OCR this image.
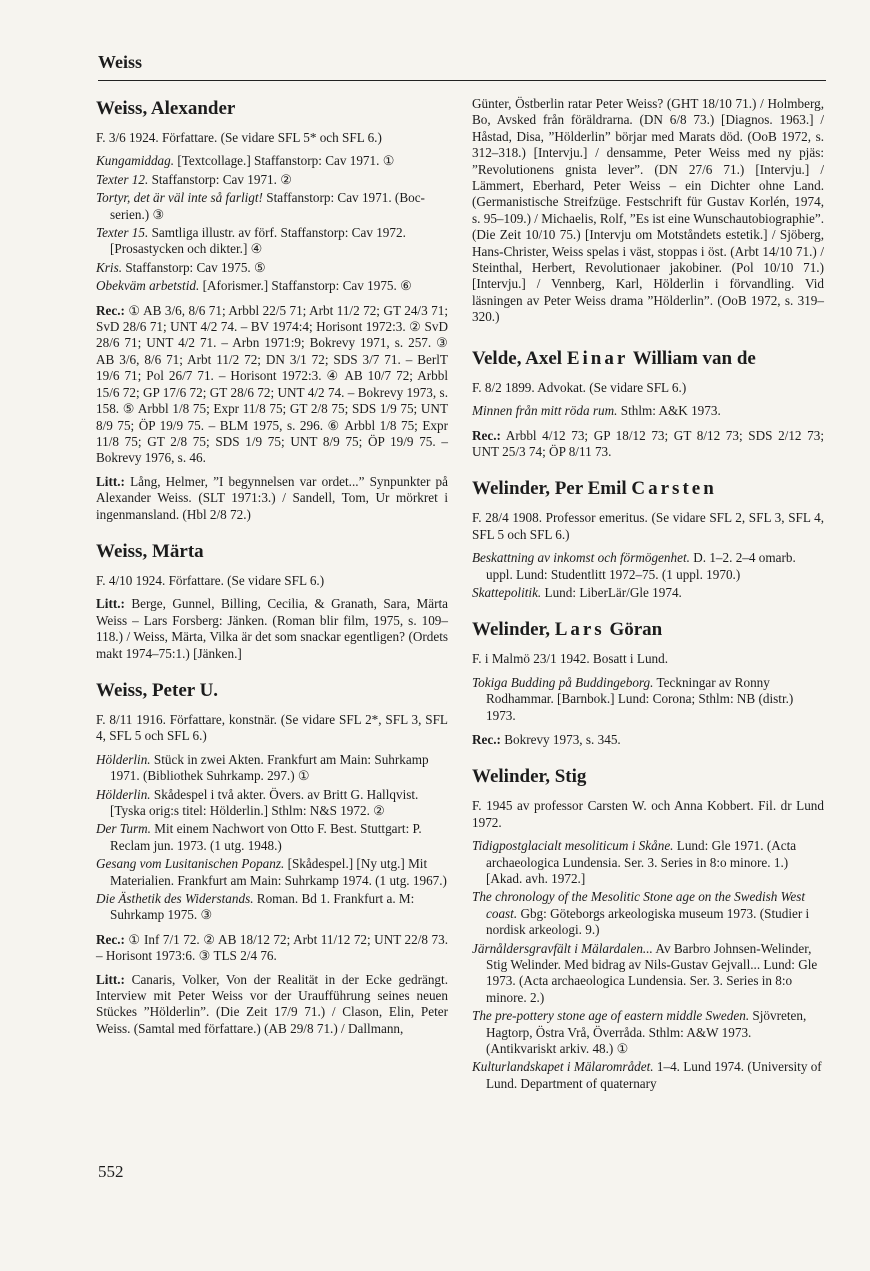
Weiss
Weiss, Alexander

F. 3/6 1924. Författare. (Se vidare SFL 5* och SFL 6.)

Kungamiddag. [Textcollage.] Staffanstorp: Cav 1971. ①
Texter 12. Staffanstorp: Cav 1971. ②
Tortyr, det är väl inte så farligt! Staffanstorp: Cav 1971. (Boc-serien.) ③
Texter 15. Samtliga illustr. av förf. Staffanstorp: Cav 1972. [Prosastycken och dikter.] ④
Kris. Staffanstorp: Cav 1975. ⑤
Obekväm arbetstid. [Aforismer.] Staffanstorp: Cav 1975. ⑥

Rec.: ① AB 3/6, 8/6 71; Arbbl 22/5 71; Arbt 11/2 72; GT 24/3 71; SvD 28/6 71; UNT 4/2 74. – BV 1974:4; Horisont 1972:3. ② SvD 28/6 71; UNT 4/2 71. – Arbn 1971:9; Bokrevy 1971, s. 257. ③ AB 3/6, 8/6 71; Arbt 11/2 72; DN 3/1 72; SDS 3/7 71. – BerlT 19/6 71; Pol 26/7 71. – Horisont 1972:3. ④ AB 10/7 72; Arbbl 15/6 72; GP 17/6 72; GT 28/6 72; UNT 4/2 74. – Bokrevy 1973, s. 158. ⑤ Arbbl 1/8 75; Expr 11/8 75; GT 2/8 75; SDS 1/9 75; UNT 8/9 75; ÖP 19/9 75. – BLM 1975, s. 296. ⑥ Arbbl 1/8 75; Expr 11/8 75; GT 2/8 75; SDS 1/9 75; UNT 8/9 75; ÖP 19/9 75. – Bokrevy 1976, s. 46.

Litt.: Lång, Helmer, ”I begynnelsen var ordet...” Synpunkter på Alexander Weiss. (SLT 1971:3.) / Sandell, Tom, Ur mörkret i ingenmansland. (Hbl 2/8 72.)

Weiss, Märta

F. 4/10 1924. Författare. (Se vidare SFL 6.)

Litt.: Berge, Gunnel, Billing, Cecilia, & Granath, Sara, Märta Weiss – Lars Forsberg: Jänken. (Roman blir film, 1975, s. 109–118.) / Weiss, Märta, Vilka är det som snackar egentligen? (Ordets makt 1974–75:1.) [Jänken.]

Weiss, Peter U.

F. 8/11 1916. Författare, konstnär. (Se vidare SFL 2*, SFL 3, SFL 4, SFL 5 och SFL 6.)

Hölderlin. Stück in zwei Akten. Frankfurt am Main: Suhrkamp 1971. (Bibliothek Suhrkamp. 297.) ①
Hölderlin. Skådespel i två akter. Övers. av Britt G. Hallqvist. [Tyska orig:s titel: Hölderlin.] Sthlm: N&S 1972. ②
Der Turm. Mit einem Nachwort von Otto F. Best. Stuttgart: P. Reclam jun. 1973. (1 utg. 1948.)
Gesang vom Lusitanischen Popanz. [Skådespel.] [Ny utg.] Mit Materialien. Frankfurt am Main: Suhrkamp 1974. (1 utg. 1967.)
Die Ästhetik des Widerstands. Roman. Bd 1. Frankfurt a. M: Suhrkamp 1975. ③

Rec.: ① Inf 7/1 72. ② AB 18/12 72; Arbt 11/12 72; UNT 22/8 73. – Horisont 1973:6. ③ TLS 2/4 76.

Litt.: Canaris, Volker, Von der Realität in der Ecke gedrängt. Interview mit Peter Weiss vor der Uraufführung seines neuen Stückes ”Hölderlin”. (Die Zeit 17/9 71.) / Clason, Elin, Peter Weiss. (Samtal med författare.) (AB 29/8 71.) / Dallmann,

Günter, Östberlin ratar Peter Weiss? (GHT 18/10 71.) / Holmberg, Bo, Avsked från föräldrarna. (DN 6/8 73.) [Diagnos. 1963.] / Håstad, Disa, ”Hölderlin” börjar med Marats död. (OoB 1972, s. 312–318.) [Intervju.] / densamme, Peter Weiss med ny pjäs: ”Revolutionens gnista lever”. (DN 27/6 71.) [Intervju.] / Lämmert, Eberhard, Peter Weiss – ein Dichter ohne Land. (Germanistische Streifzüge. Festschrift für Gustav Korlén, 1974, s. 95–109.) / Michaelis, Rolf, ”Es ist eine Wunschautobiographie”. (Die Zeit 10/10 75.) [Intervju om Motståndets estetik.] / Sjöberg, Hans-Christer, Weiss spelas i väst, stoppas i öst. (Arbt 14/10 71.) / Steinthal, Herbert, Revolutionaer jakobiner. (Pol 10/10 71.) [Intervju.] / Vennberg, Karl, Hölderlin i förvandling. Vid läsningen av Peter Weiss drama ”Hölderlin”. (OoB 1972, s. 319–320.)

Velde, Axel Einar William van de

F. 8/2 1899. Advokat. (Se vidare SFL 6.)

Minnen från mitt röda rum. Sthlm: A&K 1973.

Rec.: Arbbl 4/12 73; GP 18/12 73; GT 8/12 73; SDS 2/12 73; UNT 25/3 74; ÖP 8/11 73.

Welinder, Per Emil Carsten

F. 28/4 1908. Professor emeritus. (Se vidare SFL 2, SFL 3, SFL 4, SFL 5 och SFL 6.)

Beskattning av inkomst och förmögenhet. D. 1–2. 2–4 omarb. uppl. Lund: Studentlitt 1972–75. (1 uppl. 1970.)
Skattepolitik. Lund: LiberLär/Gle 1974.
Welinder, Lars Göran

F. i Malmö 23/1 1942. Bosatt i Lund.

Tokiga Budding på Buddingeborg. Teckningar av Ronny Rodhammar. [Barnbok.] Lund: Corona; Sthlm: NB (distr.) 1973.

Rec.: Bokrevy 1973, s. 345.

Welinder, Stig

F. 1945 av professor Carsten W. och Anna Kobbert. Fil. dr Lund 1972.

Tidigpostglacialt mesoliticum i Skåne. Lund: Gle 1971. (Acta archaeologica Lundensia. Ser. 3. Series in 8:o minore. 1.) [Akad. avh. 1972.]
The chronology of the Mesolitic Stone age on the Swedish West coast. Gbg: Göteborgs arkeologiska museum 1973. (Studier i nordisk arkeologi. 9.)
Järnåldersgravfält i Mälardalen... Av Barbro Johnsen-Welinder, Stig Welinder. Med bidrag av Nils-Gustav Gejvall... Lund: Gle 1973. (Acta archaeologica Lundensia. Ser. 3. Series in 8:o minore. 2.)
The pre-pottery stone age of eastern middle Sweden. Sjövreten, Hagtorp, Östra Vrå, Överråda. Sthlm: A&W 1973. (Antikvariskt arkiv. 48.) ①
Kulturlandskapet i Mälarområdet. 1–4. Lund 1974. (University of Lund. Department of quaternary
552
